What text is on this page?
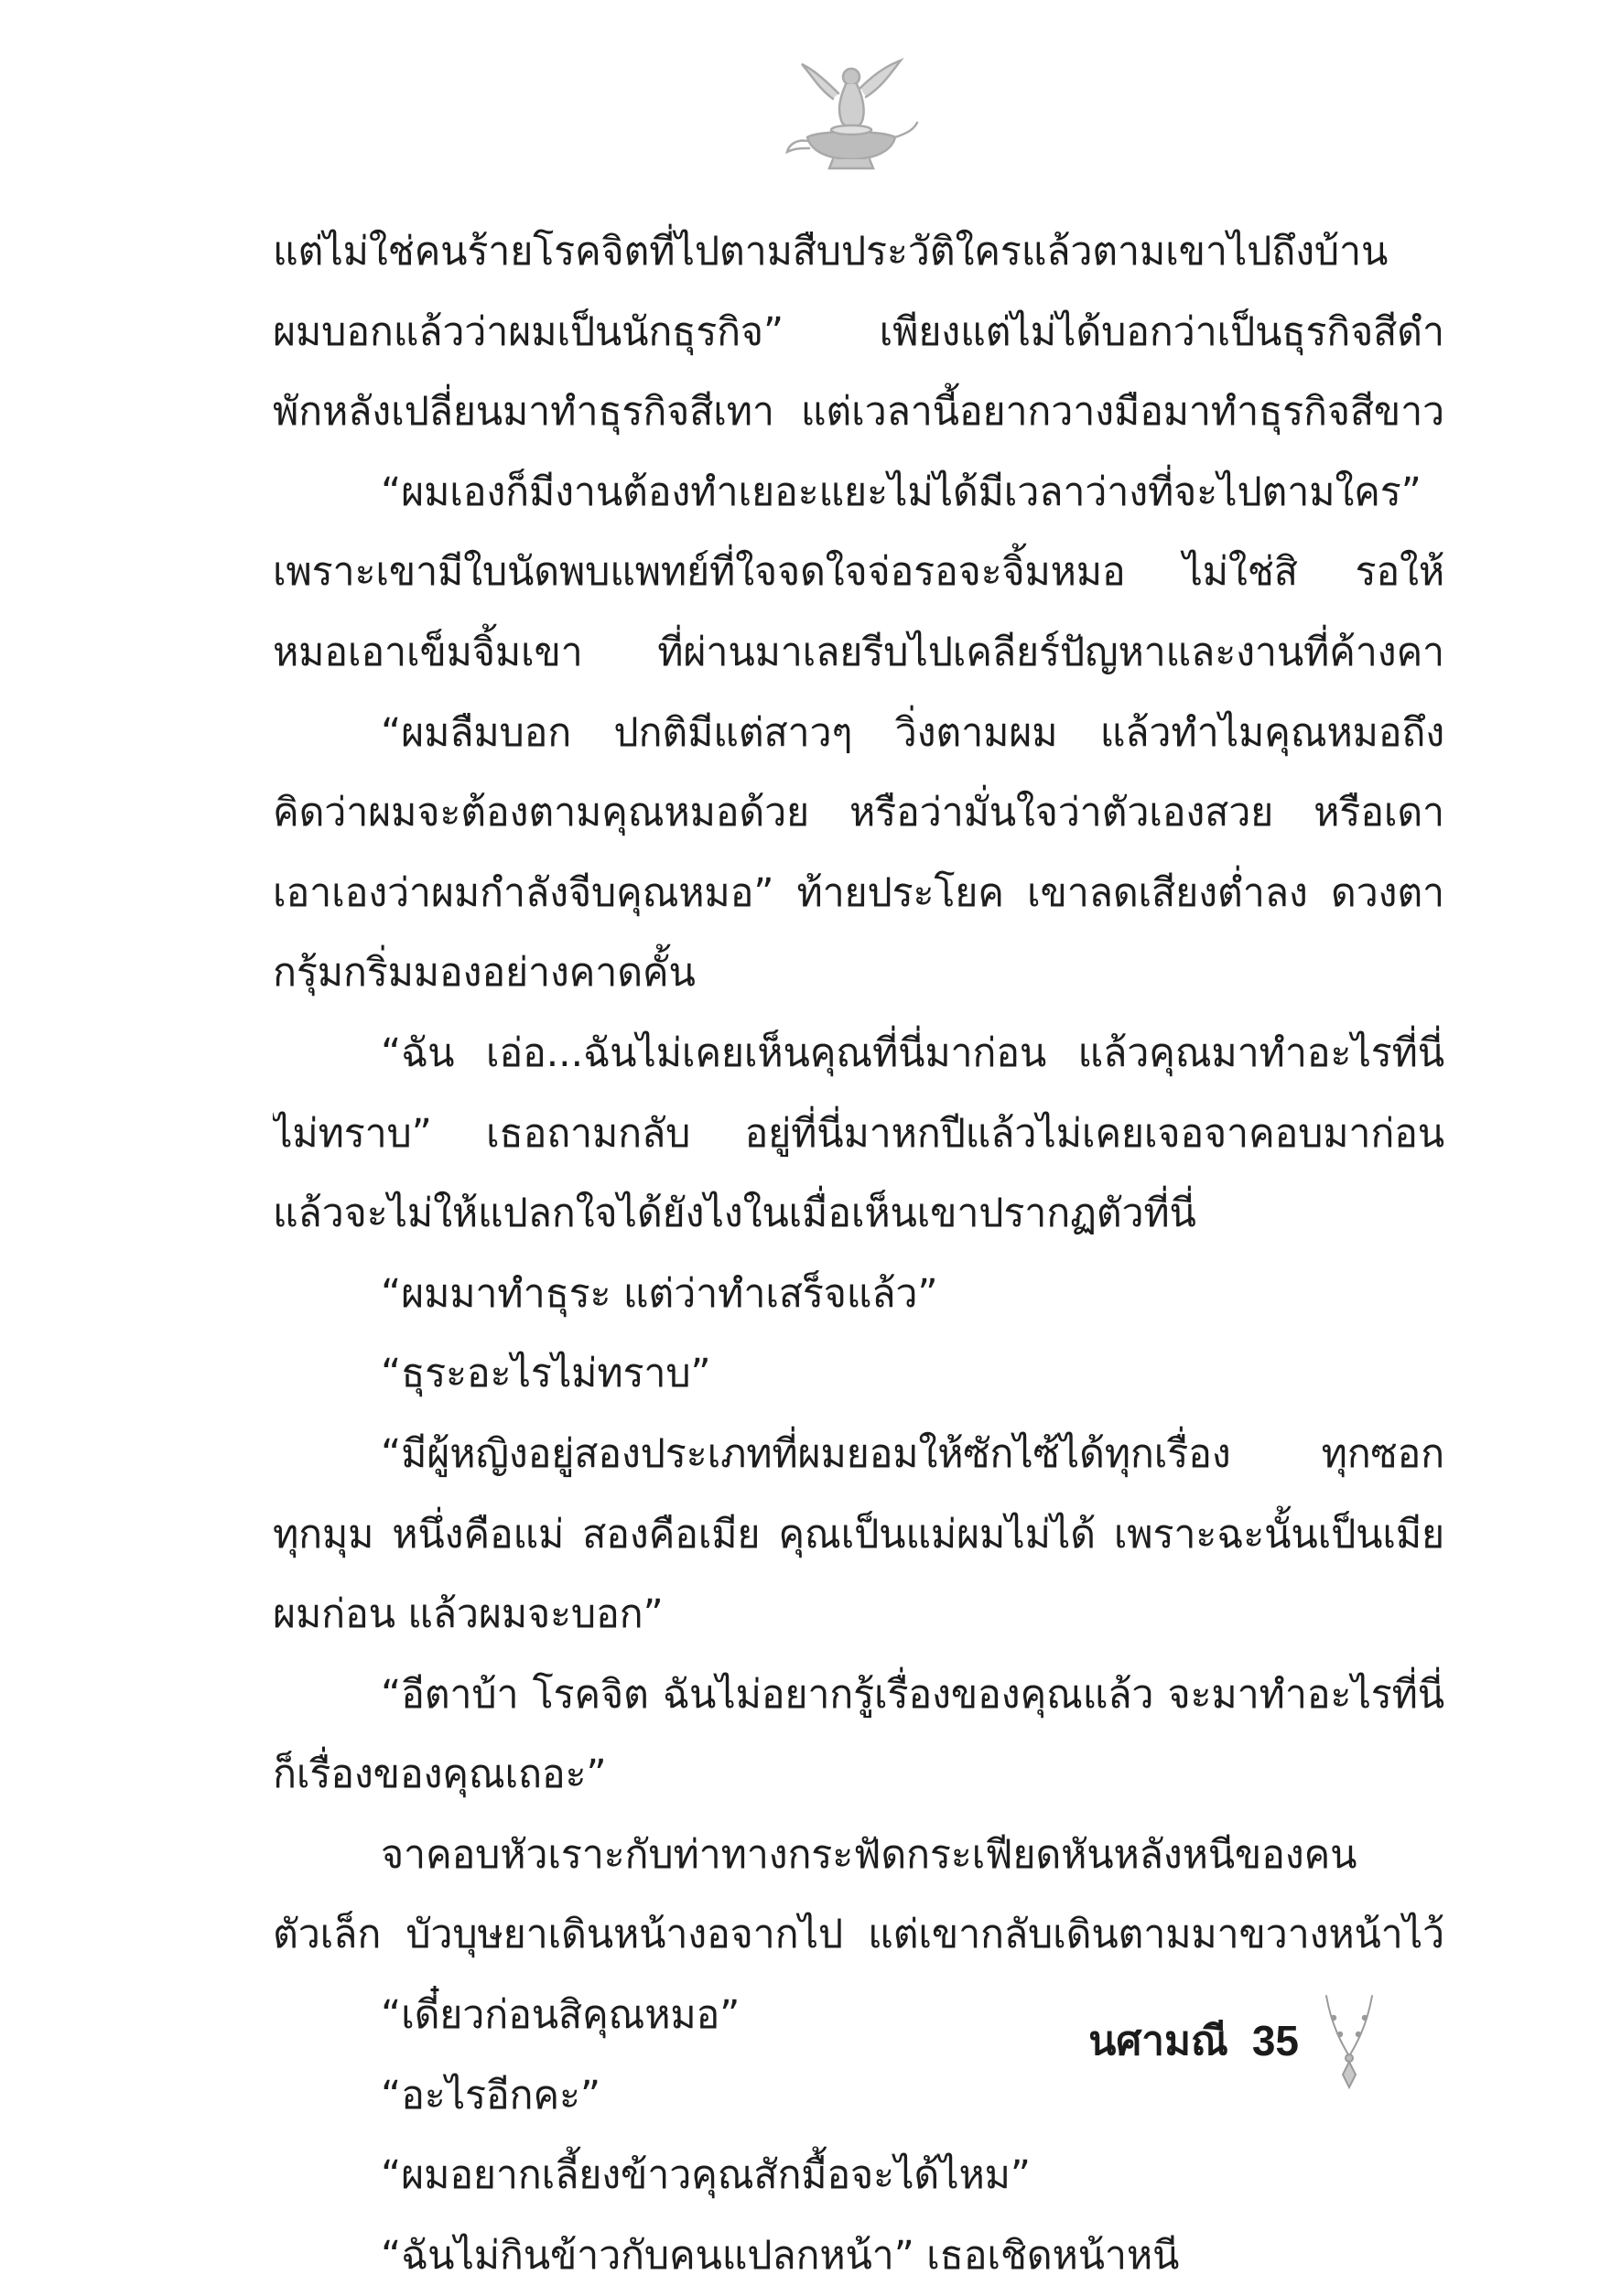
แต่ไม่ใช่คนร้ายโรคจิตที่ไปตามสืบประวัติใครแล้วตามเขาไปถึงบ้าน
ผมบอกแล้วว่าผมเป็นนักธุรกิจ” เพียงแต่ไม่ได้บอกว่าเป็นธุรกิจสีดำ
พักหลังเปลี่ยนมาทำธุรกิจสีเทา แต่เวลานี้อยากวางมือมาทำธุรกิจสีขาว
“ผมเองก็มีงานต้องทำเยอะแยะไม่ได้มีเวลาว่างที่จะไปตามใคร”
เพราะเขามีใบนัดพบแพทย์ที่ใจจดใจจ่อรอจะจิ้มหมอ ไม่ใช่สิ รอให้
หมอเอาเข็มจิ้มเขา ที่ผ่านมาเลยรีบไปเคลียร์ปัญหาและงานที่ค้างคา
“ผมลืมบอก ปกติมีแต่สาวๆ วิ่งตามผม แล้วทำไมคุณหมอถึง
คิดว่าผมจะต้องตามคุณหมอด้วย หรือว่ามั่นใจว่าตัวเองสวย หรือเดา
เอาเองว่าผมกำลังจีบคุณหมอ” ท้ายประโยค เขาลดเสียงต่ำลง ดวงตา
กรุ้มกริ่มมองอย่างคาดคั้น
“ฉัน เอ่อ...ฉันไม่เคยเห็นคุณที่นี่มาก่อน แล้วคุณมาทำอะไรที่นี่
ไม่ทราบ” เธอถามกลับ อยู่ที่นี่มาหกปีแล้วไม่เคยเจอจาคอบมาก่อน
แล้วจะไม่ให้แปลกใจได้ยังไงในเมื่อเห็นเขาปรากฏตัวที่นี่
“ผมมาทำธุระ แต่ว่าทำเสร็จแล้ว”
“ธุระอะไรไม่ทราบ”
“มีผู้หญิงอยู่สองประเภทที่ผมยอมให้ซักไซ้ได้ทุกเรื่อง ทุกซอก
ทุกมุม หนึ่งคือแม่ สองคือเมีย คุณเป็นแม่ผมไม่ได้ เพราะฉะนั้นเป็นเมีย
ผมก่อน แล้วผมจะบอก”
“อีตาบ้า โรคจิต ฉันไม่อยากรู้เรื่องของคุณแล้ว จะมาทำอะไรที่นี่
ก็เรื่องของคุณเถอะ”
จาคอบหัวเราะกับท่าทางกระฟัดกระเฟียดหันหลังหนีของคน
ตัวเล็ก บัวบุษยาเดินหน้างอจากไป แต่เขากลับเดินตามมาขวางหน้าไว้
“เดี๋ยวก่อนสิคุณหมอ”
“อะไรอีกคะ”
“ผมอยากเลี้ยงข้าวคุณสักมื้อจะได้ไหม”
“ฉันไม่กินข้าวกับคนแปลกหน้า” เธอเชิดหน้าหนี
นศามณี 35
